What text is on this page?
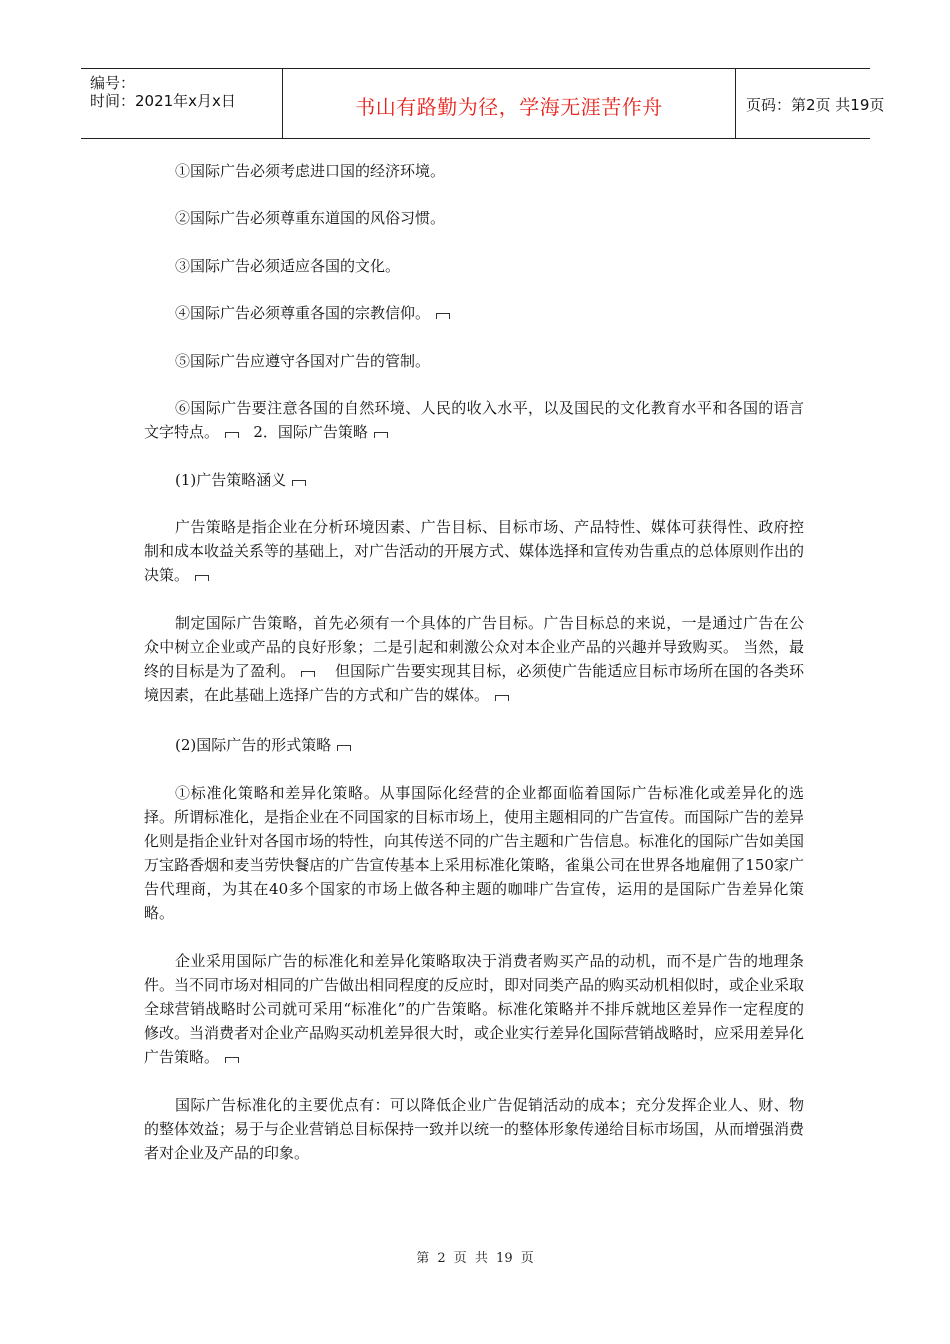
编号：
时间：2021年x月x日	书山有路勤为径，学海无涯苦作舟	页码：第2页 共19页

①国际广告必须考虑进口国的经济环境。

②国际广告必须尊重东道国的风俗习惯。

③国际广告必须适应各国的文化。

④国际广告必须尊重各国的宗教信仰。

⑤国际广告应遵守各国对广告的管制。

⑥国际广告要注意各国的自然环境、人民的收入水平，以及国民的文化教育水平和各国的语言文字特点。 2．国际广告策略

(1)广告策略涵义

广告策略是指企业在分析环境因素、广告目标、目标市场、产品特性、媒体可获得性、政府控制和成本收益关系等的基础上，对广告活动的开展方式、媒体选择和宣传劝告重点的总体原则作出的决策。

制定国际广告策略，首先必须有一个具体的广告目标。广告目标总的来说，一是通过广告在公众中树立企业或产品的良好形象；二是引起和刺激公众对本企业产品的兴趣并导致购买。 当然，最终的目标是为了盈利。	但国际广告要实现其目标，必须使广告能适应目标市场所在国的各类环境因素，在此基础上选择广告的方式和广告的媒体。

(2)国际广告的形式策略

①标准化策略和差异化策略。从事国际化经营的企业都面临着国际广告标准化或差异化的选择。所谓标准化，是指企业在不同国家的目标市场上，使用主题相同的广告宣传。而国际广告的差异化则是指企业针对各国市场的特性，向其传送不同的广告主题和广告信息。标准化的国际广告如美国万宝路香烟和麦当劳快餐店的广告宣传基本上采用标准化策略，雀巢公司在世界各地雇佣了150家广告代理商，为其在40多个国家的市场上做各种主题的咖啡广告宣传，运用的是国际广告差异化策略。

企业采用国际广告的标准化和差异化策略取决于消费者购买产品的动机，而不是广告的地理条件。当不同市场对相同的广告做出相同程度的反应时，即对同类产品的购买动机相似时，或企业采取全球营销战略时公司就可采用“标准化”的广告策略。标准化策略并不排斥就地区差异作一定程度的修改。当消费者对企业产品购买动机差异很大时，或企业实行差异化国际营销战略时，应采用差异化广告策略。

国际广告标准化的主要优点有：可以降低企业广告促销活动的成本；充分发挥企业人、财、物的整体效益；易于与企业营销总目标保持一致并以统一的整体形象传递给目标市场国，从而增强消费者对企业及产品的印象。

第 2 页 共 19 页
